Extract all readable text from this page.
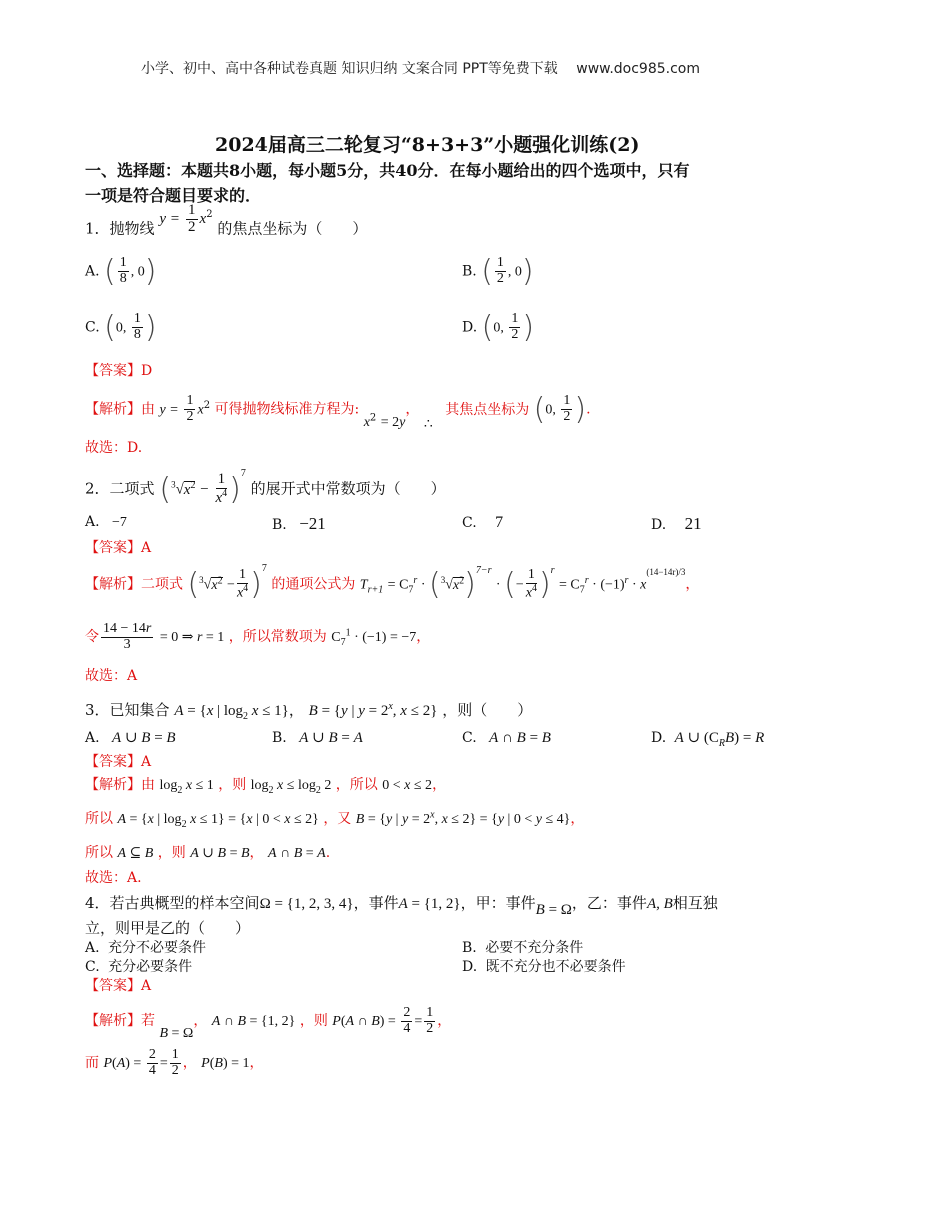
小学、初中、高中各种试卷真题 知识归纳 文案合同 PPT等免费下载 www.doc985.com
2024届高三二轮复习“8+3+3”小题强化训练(2)
一、选择题：本题共8小题，每小题5分，共40分．在每小题给出的四个选项中，只有
一项是符合题目要求的．
1．抛物线 $y = \frac{1}{2} x^2$ 的焦点坐标为（　　）
A. ( $\frac{1}{8}$ , 0)	B. ( $\frac{1}{2}$ , 0)
C. (0, $\frac{1}{8}$ )	D. (0, $\frac{1}{2}$ )
【答案】D
【解析】由 $y = \frac{1}{2} x^2$ 可得抛物线标准方程为: $x^2 = 2y$， ∴ 其焦点坐标为 (0, $\frac{1}{2}$ ).
故选：D.
2．二项式 $(^3√x^2 - \frac{1}{x^4} )^7$ 的展开式中常数项为（　　）
A. −7	B. −21	C. 7	D. 21
【答案】A
【解析】二项式 $(^3√x^2 - \frac{1}{x^4} )^7$ 的通项公式为 $T_{r+1} = C_7^r \cdot (^3√x^2)^{7-r}$ · (− $\frac{1}{x^4} )^r = C_7^r \cdot (-1)^r \cdot x^{(14-14r)/3}$，
令 $\frac{14 - 14r}{3} = 0$ ⇒ r = 1 ，所以常数项为 $C_7^1 \cdot (-1) = -7$，
故选：A
3．已知集合 A = {x | $\log_2 x \le 1$}， B = {y | $y = 2^x$, x ≤ 2} ，则（　　）
A. A ∪ B = B	B. A ∪ B = A	C. A ∩ B = B	D. A ∪ $(C_RB) = R$
【答案】A
【解析】由 $\log_2 x \le 1$ ，则 $\log_2 x \le \log_2 2$ ，所以 0 < x ≤ 2，
所以 A = {x | $\log_2 x \le 1\} = \{x$ | 0 < x ≤ 2} ，又 B = {y | $y = 2^x$, x ≤ 2} = {y | 0 < y ≤ 4}，
所以 A ⊆ B ，则 A ∪ B = B， A ∩ B = A.
故选：A.
4．若古典概型的样本空间Ω = {1, 2, 3, 4}，事件A = {1, 2}，甲：事件B = Ω，乙：事件A, B相互独
立，则甲是乙的（　　）
A. 充分不必要条件	B. 必要不充分条件
C. 充分必要条件	D. 既不充分也不必要条件
【答案】A
【解析】若 B = Ω， A ∩ B = {1, 2} ，则 P(A ∩ $B) = \frac{2}{4} = \frac{1}{2}$ ，
而 $P(A) = \frac{2}{4} = \frac{1}{2}$ ， P(B) = 1，
